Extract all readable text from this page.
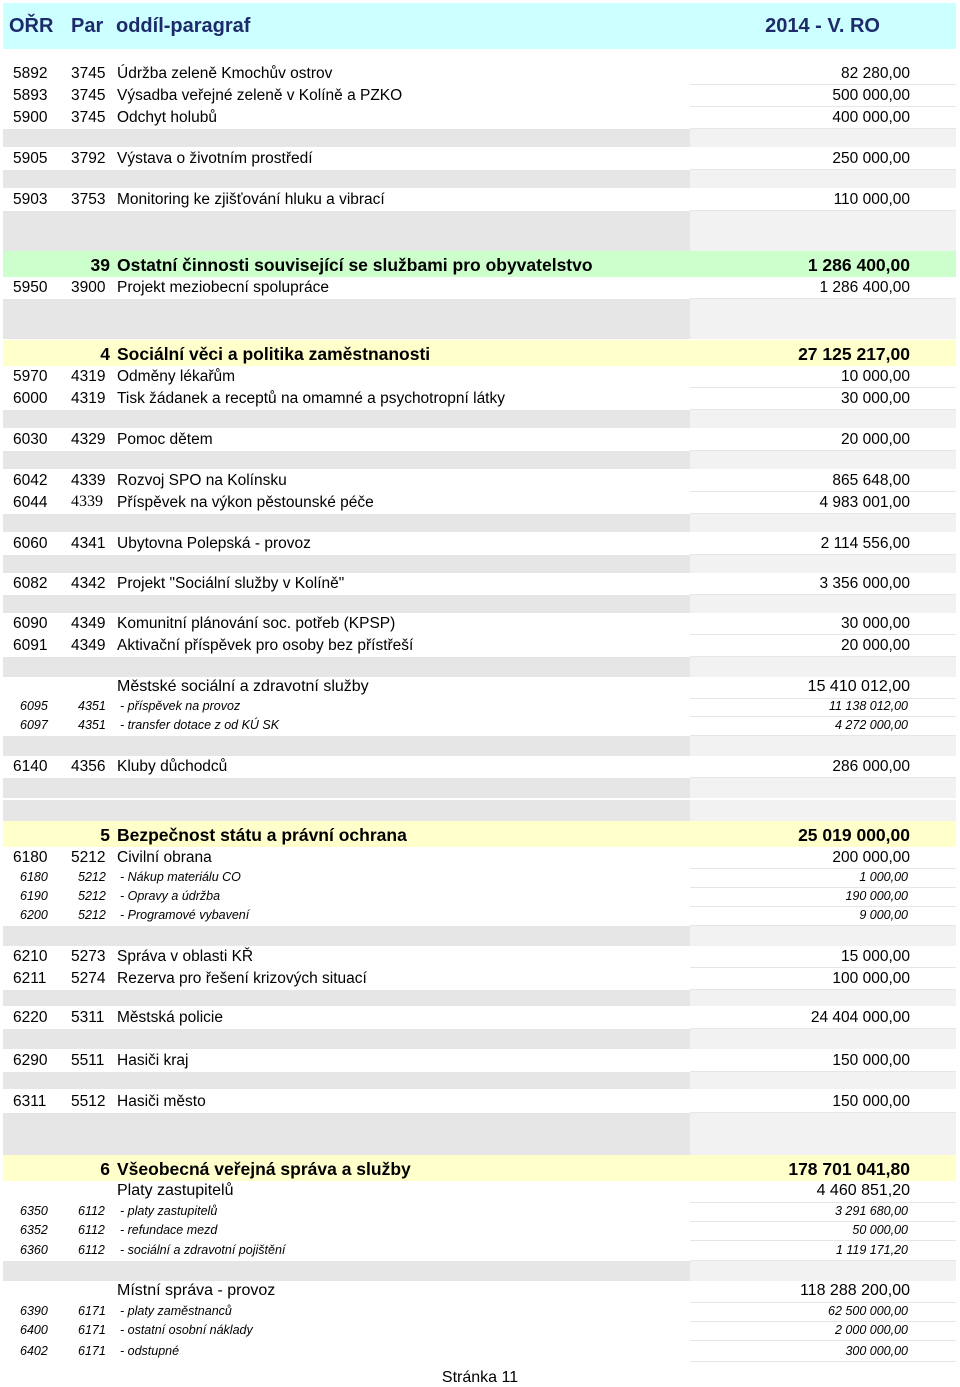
OŘR Par oddíl-paragraf	2014 - V. RO
5892 3745 Údržba zeleně Kmochův ostrov	82 280,00
5893 3745 Výsadba veřejné zeleně v Kolíně a PZKO	500 000,00
5900 3745 Odchyt holubů	400 000,00
5905 3792 Výstava o životním prostředí	250 000,00
5903 3753 Monitoring ke zjišťování hluku a vibrací	110 000,00
39 Ostatní činnosti související se službami pro obyvatelstvo	1 286 400,00
5950 3900 Projekt meziobecní spolupráce	1 286 400,00
4 Sociální věci a politika zaměstnanosti	27 125 217,00
5970 4319 Odměny lékařům	10 000,00
6000 4319 Tisk žádanek a receptů na omamné a psychotropní látky	30 000,00
6030 4329 Pomoc dětem	20 000,00
6042 4339 Rozvoj SPO na Kolínsku	865 648,00
6044 4339 Příspěvek na výkon pěstounské péče	4 983 001,00
6060 4341 Ubytovna Polepská - provoz	2 114 556,00
6082 4342 Projekt "Sociální služby v Kolíně"	3 356 000,00
6090 4349 Komunitní plánování soc. potřeb (KPSP)	30 000,00
6091 4349 Aktivační příspěvek pro osoby bez přístřeší	20 000,00
Městské sociální a zdravotní služby	15 410 012,00
6095 4351 - příspěvek na provoz	11 138 012,00
6097 4351 - transfer dotace z od KÚ SK	4 272 000,00
6140 4356 Kluby důchodců	286 000,00
5 Bezpečnost státu a právní ochrana	25 019 000,00
6180 5212 Civilní obrana	200 000,00
6180 5212 - Nákup materiálu CO	1 000,00
6190 5212 - Opravy a údržba	190 000,00
6200 5212 - Programové vybavení	9 000,00
6210 5273 Správa v oblasti KŘ	15 000,00
6211 5274 Rezerva pro řešení krizových situací	100 000,00
6220 5311 Městská policie	24 404 000,00
6290 5511 Hasiči kraj	150 000,00
6311 5512 Hasiči město	150 000,00
6 Všeobecná veřejná správa a služby	178 701 041,80
Platy zastupitelů	4 460 851,20
6350 6112 - platy zastupitelů	3 291 680,00
6352 6112 - refundace mezd	50 000,00
6360 6112 - sociální a zdravotní pojištění	1 119 171,20
Místní správa - provoz	118 288 200,00
6390 6171 - platy zaměstnanců	62 500 000,00
6400 6171 - ostatní osobní náklady	2 000 000,00
6402 6171 - odstupné	300 000,00
Stránka 11
